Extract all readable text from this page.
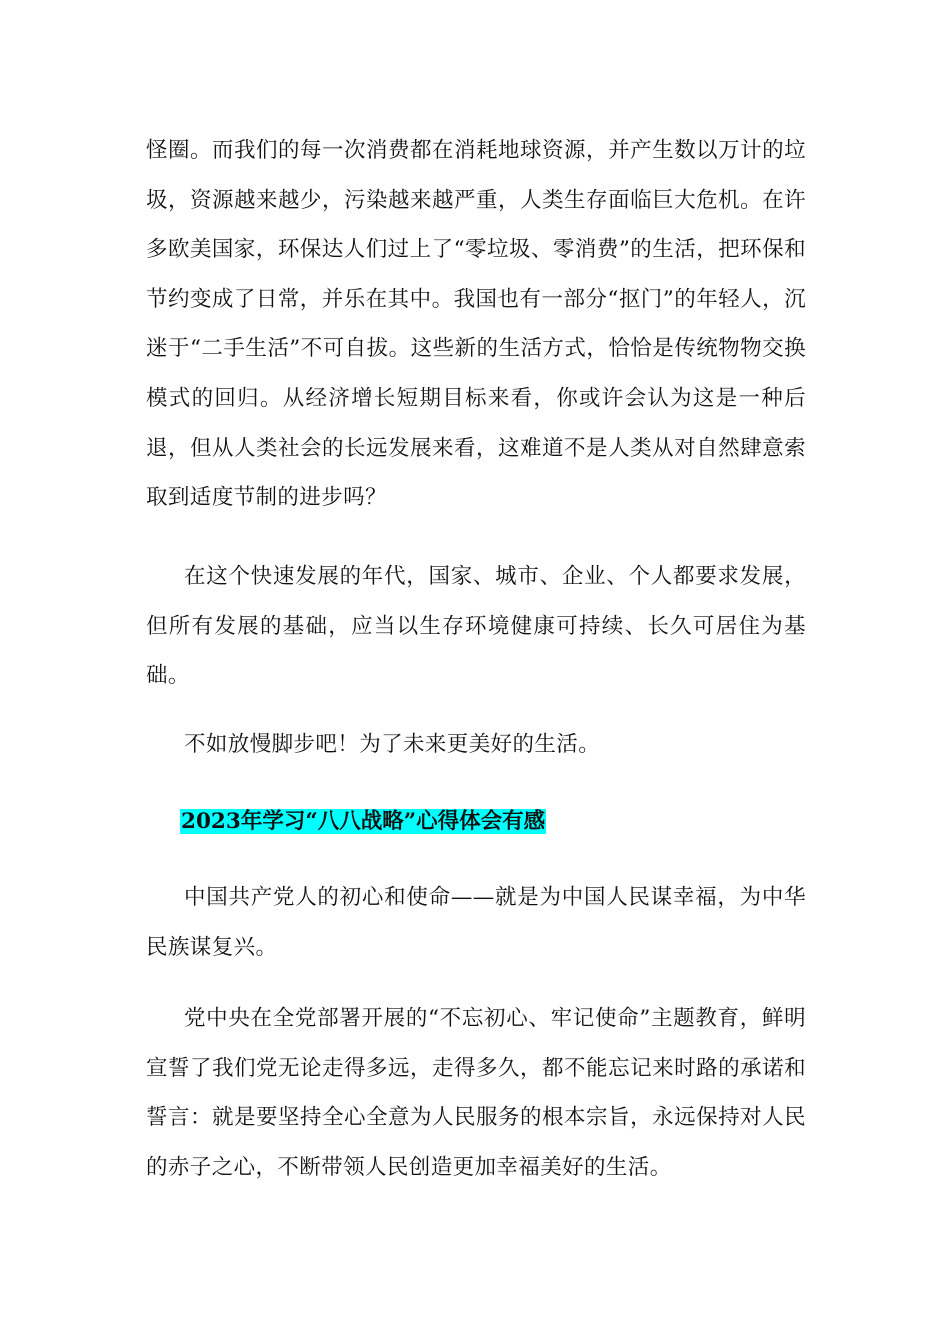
怪圈。而我们的每一次消费都在消耗地球资源，并产生数以万计的垃圾，资源越来越少，污染越来越严重，人类生存面临巨大危机。在许多欧美国家，环保达人们过上了“零垃圾、零消费”的生活，把环保和节约变成了日常，并乐在其中。我国也有一部分“抠门”的年轻人，沉迷于“二手生活”不可自拔。这些新的生活方式，恰恰是传统物物交换模式的回归。从经济增长短期目标来看，你或许会认为这是一种后退，但从人类社会的长远发展来看，这难道不是人类从对自然肆意索取到适度节制的进步吗？

在这个快速发展的年代，国家、城市、企业、个人都要求发展，但所有发展的基础，应当以生存环境健康可持续、长久可居住为基础。

不如放慢脚步吧！为了未来更美好的生活。

2023年学习“八八战略”心得体会有感

中国共产党人的初心和使命——就是为中国人民谋幸福，为中华民族谋复兴。

党中央在全党部署开展的“不忘初心、牢记使命”主题教育，鲜明宣誓了我们党无论走得多远，走得多久，都不能忘记来时路的承诺和誓言：就是要坚持全心全意为人民服务的根本宗旨，永远保持对人民的赤子之心，不断带领人民创造更加幸福美好的生活。
